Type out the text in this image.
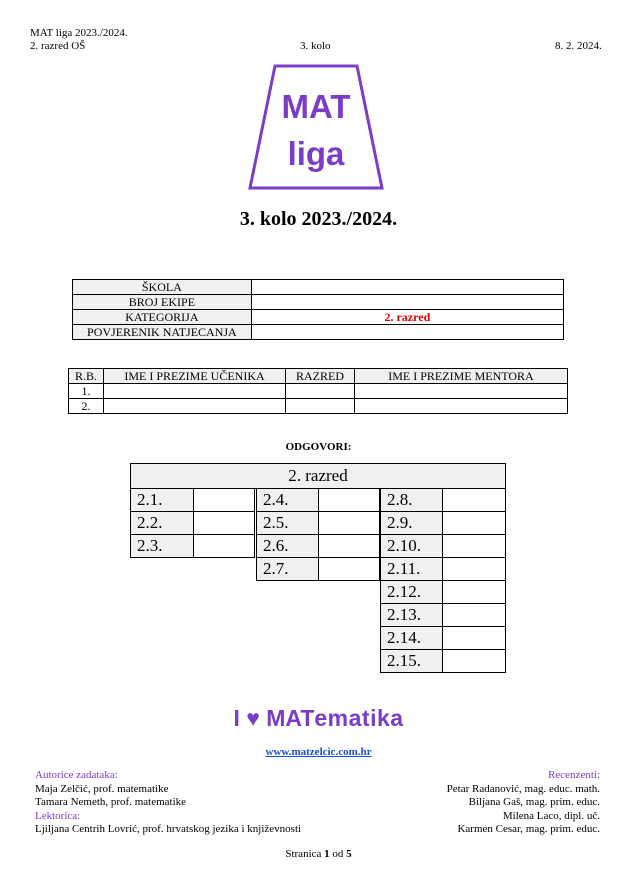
MAT liga 2023./2024.
2. razred OŠ	3. kolo	8. 2. 2024.
MAT
liga
3. kolo 2023./2024.
ŠKOLA	
BROJ EKIPE	
KATEGORIJA	2. razred
POVJERENIK NATJECANJA	
R.B.	IME I PREZIME UČENIKA	RAZRED	IME I PREZIME MENTORA
1.			
2.			
ODGOVORI:
2. razred
2.1.
2.2.
2.3.
2.4.
2.5.
2.6.
2.7.
2.8.
2.9.
2.10.
2.11.
2.12.
2.13.
2.14.
2.15.
I ♥ MATematika
www.matzelcic.com.hr
Autorice zadataka:
Maja Zelčić, prof. matematike
Tamara Nemeth, prof. matematike
Lektorica:
Ljiljana Centrih Lovrić, prof. hrvatskog jezika i književnosti
Recenzenti:
Petar Radanović, mag. educ. math.
Biljana Gaš, mag. prim. educ.
Milena Laco, dipl. uč.
Karmen Cesar, mag. prim. educ.
Stranica 1 od 5
